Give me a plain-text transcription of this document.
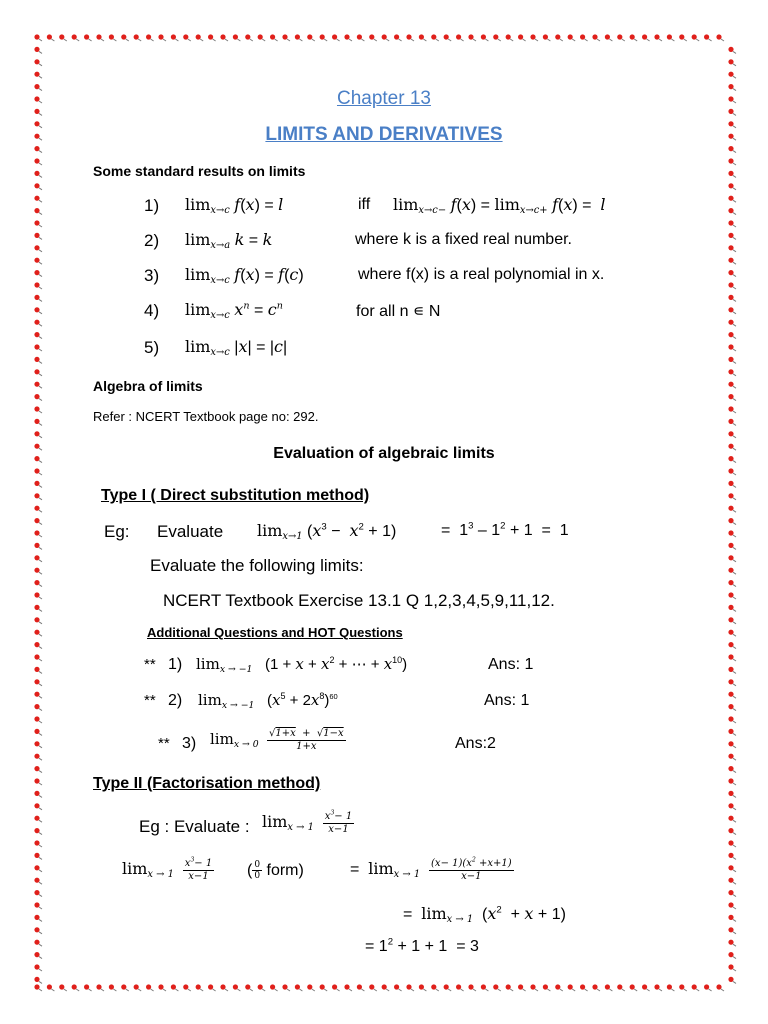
Chapter 13
LIMITS AND DERIVATIVES
Some standard results on limits
1) $\lim_{x\to c} f(x) = l$	iff $\lim_{x\to c-} f(x) = \lim_{x\to c+} f(x) = l$
2) $\lim_{x\to a} k = k$	where k is a fixed real number.
3) $\lim_{x\to c} f(x) = f(c)$	where f(x) is a real polynomial in x.
4) $\lim_{x\to c} x^n = c^n$	for all n ∊ N
5) $\lim_{x\to c} |x| = |c|$
Algebra of limits
Refer : NCERT Textbook page no: 292.
Evaluation of algebraic limits
Type I ( Direct substitution method)
Eg: Evaluate $\lim_{x\to 1} (x^3 - x^2 + 1)$	=  $1^3 - 1^2 + 1 = 1$
Evaluate the following limits:
NCERT Textbook Exercise 13.1 Q 1,2,3,4,5,9,11,12.
Additional Questions and HOT Questions
** 1) $\lim_{x \to -1} (1 + x + x^2$ + ⋯ + $x^{10}$)	Ans: 1
** 2) $\lim_{x \to -1} (x^5 + 2x^8)^{60}$	Ans: 1
** 3) $\lim_{x \to 0} \frac{√1+x + √1-x}{1+x}$	Ans:2
Type II (Factorisation method)
Eg : Evaluate : $\lim_{x \to 1} \frac{x^3- 1}{x-1}$
$\lim_{x \to 1} \frac{x^3- 1}{x-1}$ ( $\frac{0}{0}$ form)	=  $\lim_{x \to 1} \frac{(x- 1)(x^2 +x+1)}{x-1}$
=  $\lim_{x \to 1} (x^2 + x + 1)$
= $1^2 + 1 + 1 = 3$
